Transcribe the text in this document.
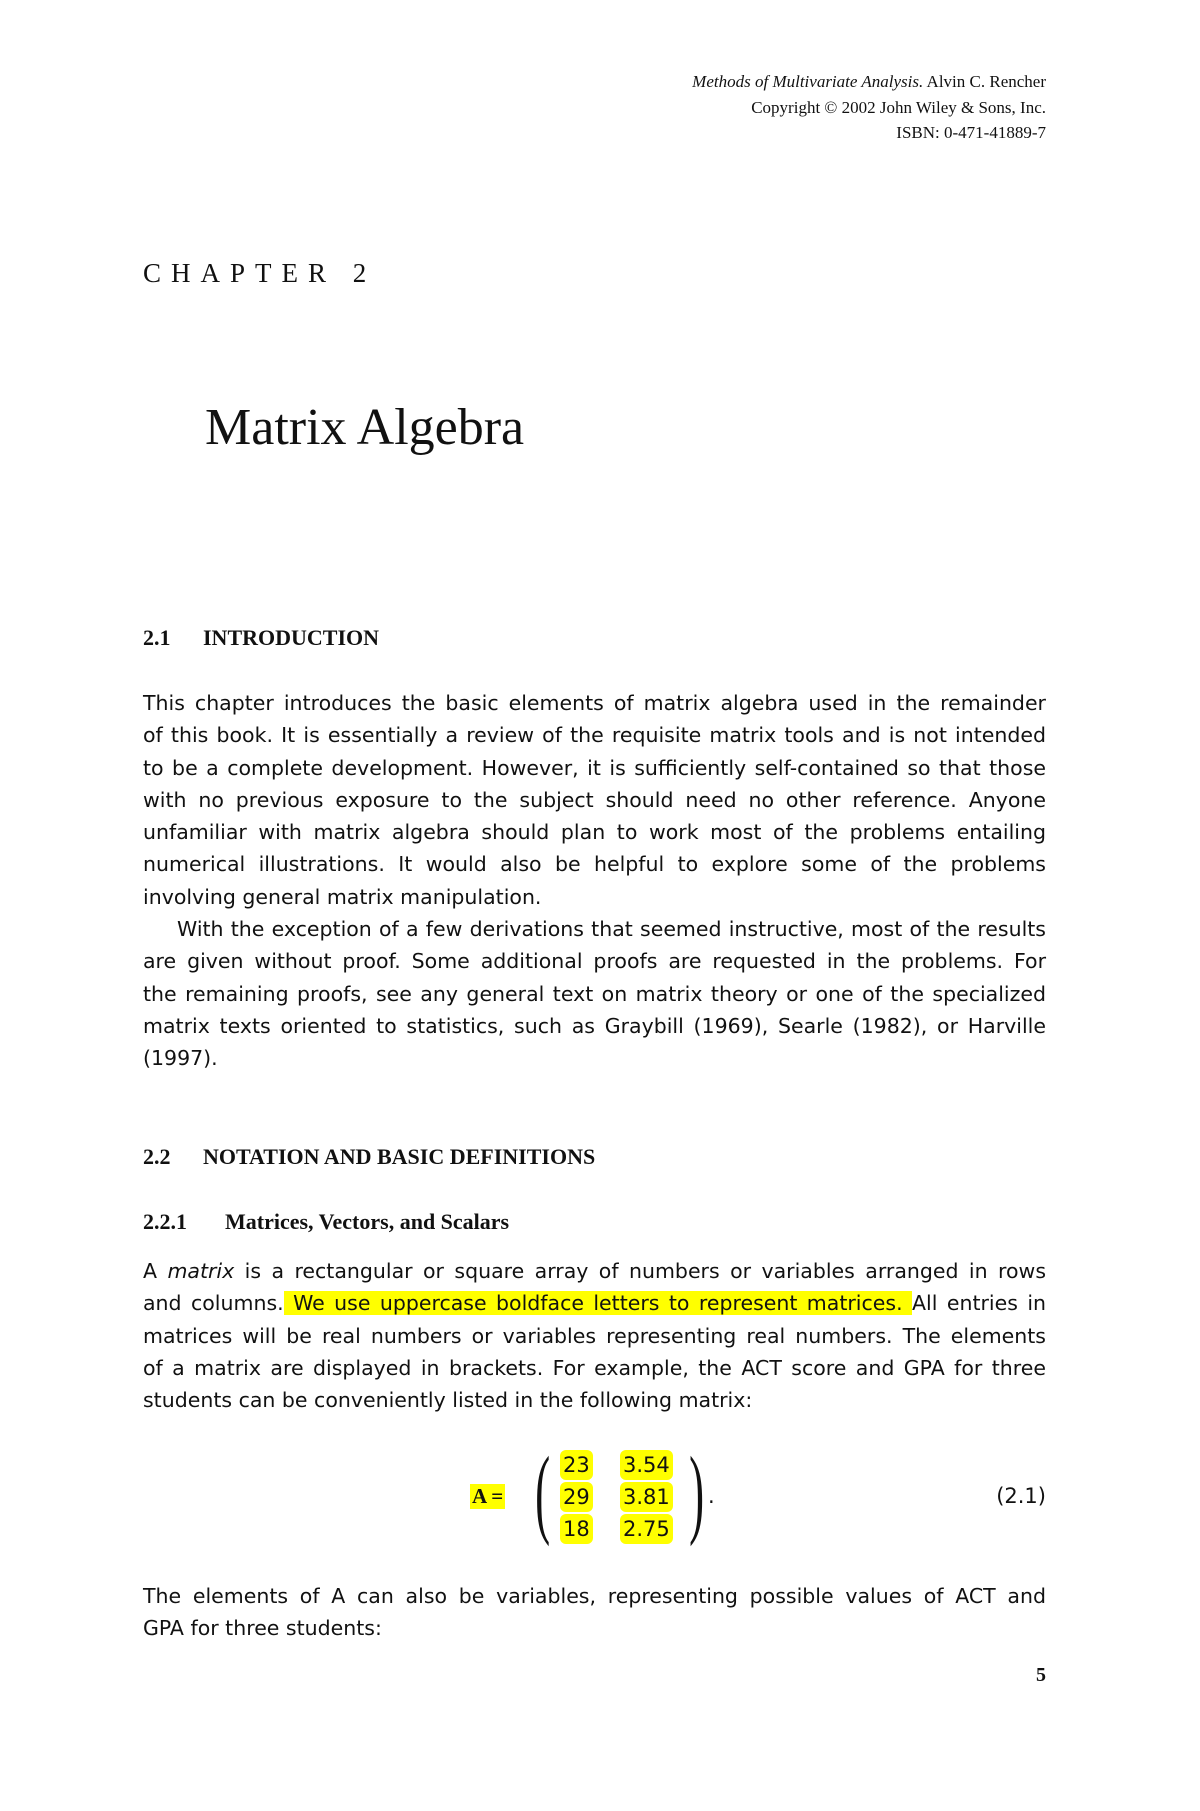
Methods of Multivariate Analysis. Alvin C. Rencher
Copyright © 2002 John Wiley & Sons, Inc.
ISBN: 0-471-41889-7
CHAPTER 2
Matrix Algebra
2.1 INTRODUCTION
This chapter introduces the basic elements of matrix algebra used in the remainder
of this book. It is essentially a review of the requisite matrix tools and is not intended
to be a complete development. However, it is sufficiently self-contained so that those
with no previous exposure to the subject should need no other reference. Anyone
unfamiliar with matrix algebra should plan to work most of the problems entailing
numerical illustrations. It would also be helpful to explore some of the problems
involving general matrix manipulation.
With the exception of a few derivations that seemed instructive, most of the results
are given without proof. Some additional proofs are requested in the problems. For
the remaining proofs, see any general text on matrix theory or one of the specialized
matrix texts oriented to statistics, such as Graybill (1969), Searle (1982), or Harville
(1997).
2.2 NOTATION AND BASIC DEFINITIONS
2.2.1 Matrices, Vectors, and Scalars
A matrix is a rectangular or square array of numbers or variables arranged in rows
and columns. We use uppercase boldface letters to represent matrices. All entries in
matrices will be real numbers or variables representing real numbers. The elements
of a matrix are displayed in brackets. For example, the ACT score and GPA for three
students can be conveniently listed in the following matrix:
A = ( 23 3.54
29 3.81
18 2.75 ) .	(2.1)
The elements of A can also be variables, representing possible values of ACT and
GPA for three students:
5
